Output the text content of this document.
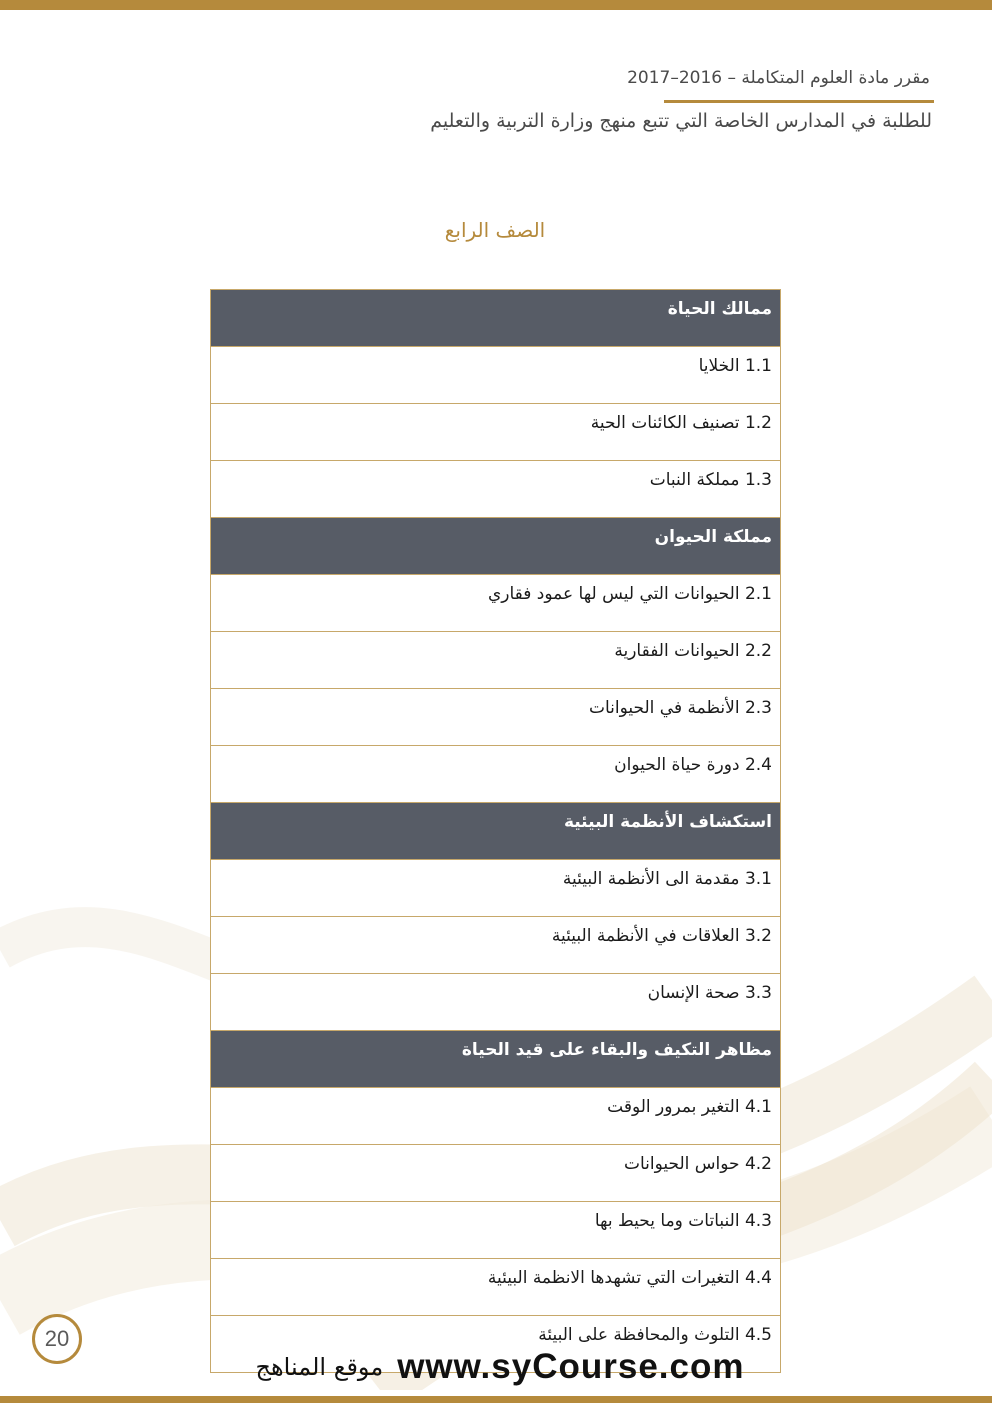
مقرر مادة العلوم المتكاملة – 2016–2017
للطلبة في المدارس الخاصة التي تتبع منهج وزارة التربية والتعليم
الصف الرابع
ممالك الحياة
1.1 الخلايا
1.2 تصنيف الكائنات الحية
1.3 مملكة النبات
مملكة الحيوان
2.1 الحيوانات التي ليس لها عمود فقاري
2.2 الحيوانات الفقارية
2.3 الأنظمة في الحيوانات
2.4 دورة حياة الحيوان
استكشاف الأنظمة البيئية
3.1 مقدمة الى الأنظمة البيئية
3.2 العلاقات في الأنظمة البيئية
3.3 صحة الإنسان
مظاهر التكيف والبقاء على قيد الحياة
4.1 التغير بمرور الوقت
4.2 حواس الحيوانات
4.3 النباتات وما يحيط بها
4.4 التغيرات التي تشهدها الانظمة البيئية
4.5 التلوث والمحافظة على البيئة
20
موقع المناهج www.syCourse.com
